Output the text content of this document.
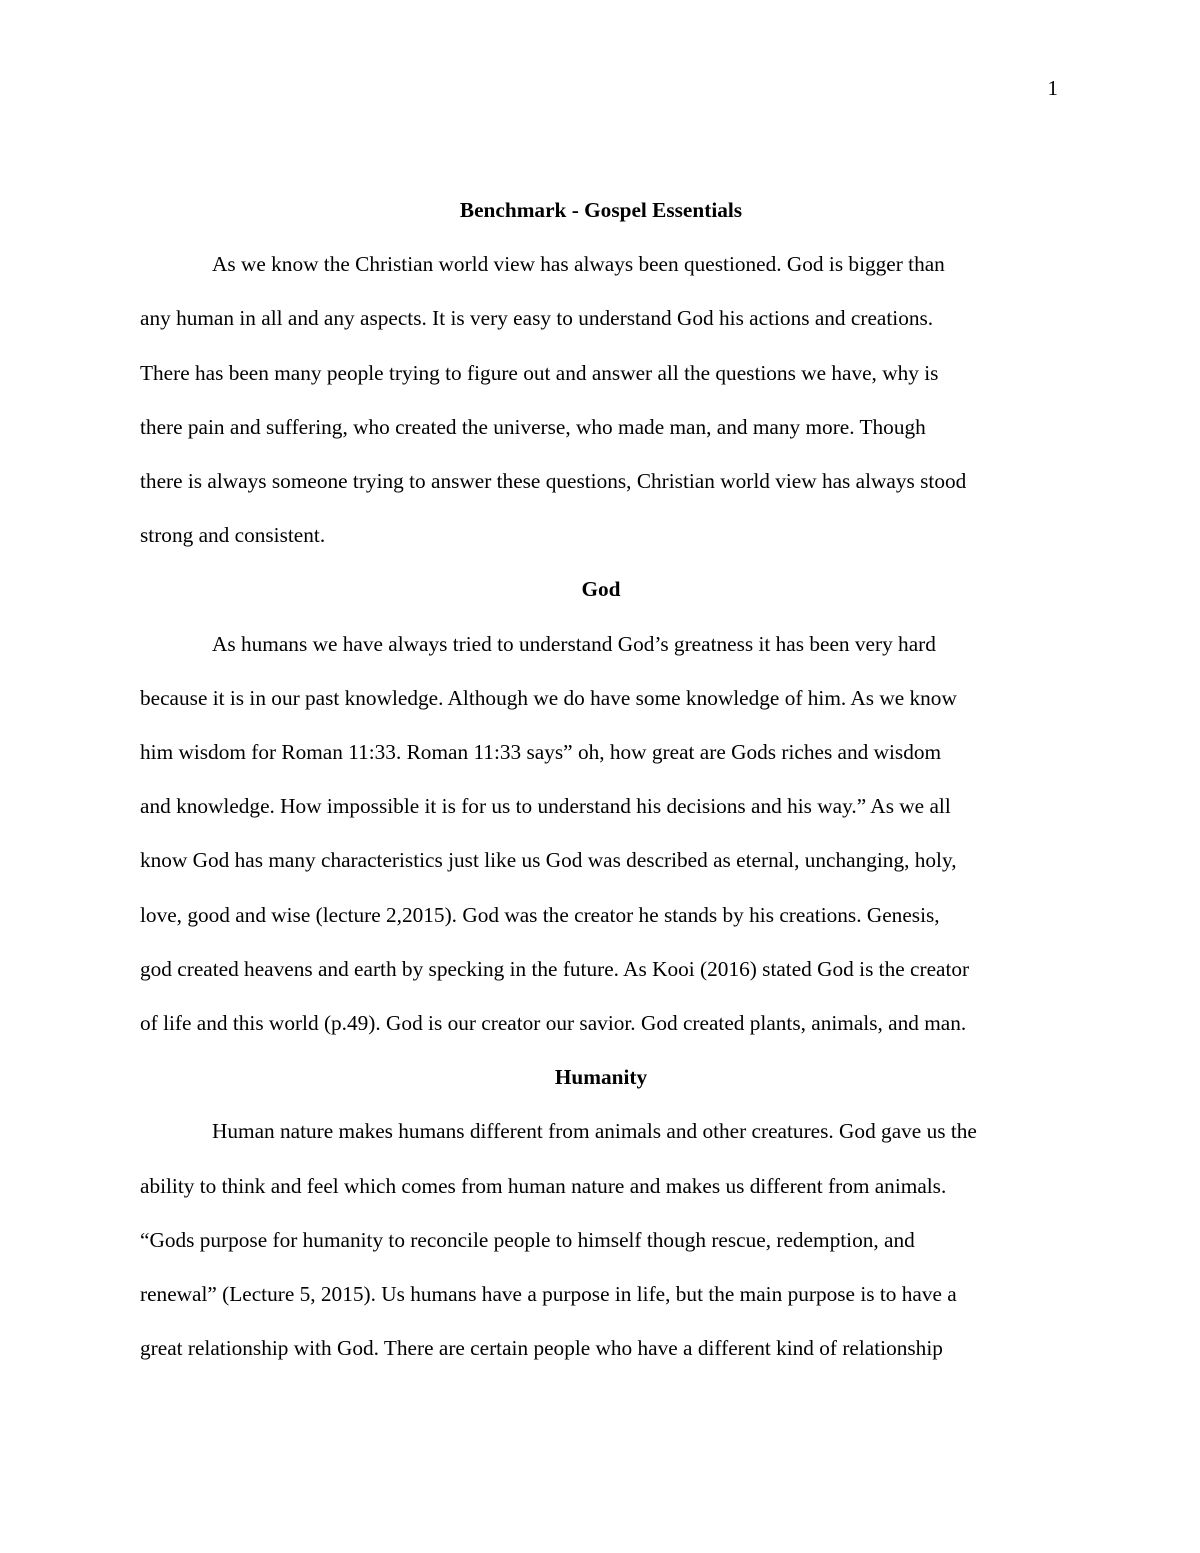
1
Benchmark - Gospel Essentials

As we know the Christian world view has always been questioned. God is bigger than
any human in all and any aspects. It is very easy to understand God his actions and creations.
There has been many people trying to figure out and answer all the questions we have, why is
there pain and suffering, who created the universe, who made man, and many more. Though
there is always someone trying to answer these questions, Christian world view has always stood
strong and consistent.

God

As humans we have always tried to understand God’s greatness it has been very hard
because it is in our past knowledge. Although we do have some knowledge of him. As we know
him wisdom for Roman 11:33. Roman 11:33 says” oh, how great are Gods riches and wisdom
and knowledge. How impossible it is for us to understand his decisions and his way.” As we all
know God has many characteristics just like us God was described as eternal, unchanging, holy,
love, good and wise (lecture 2,2015). God was the creator he stands by his creations. Genesis,
god created heavens and earth by specking in the future. As Kooi (2016) stated God is the creator
of life and this world (p.49). God is our creator our savior. God created plants, animals, and man.

Humanity

Human nature makes humans different from animals and other creatures. God gave us the
ability to think and feel which comes from human nature and makes us different from animals.
“Gods purpose for humanity to reconcile people to himself though rescue, redemption, and
renewal” (Lecture 5, 2015). Us humans have a purpose in life, but the main purpose is to have a
great relationship with God. There are certain people who have a different kind of relationship
